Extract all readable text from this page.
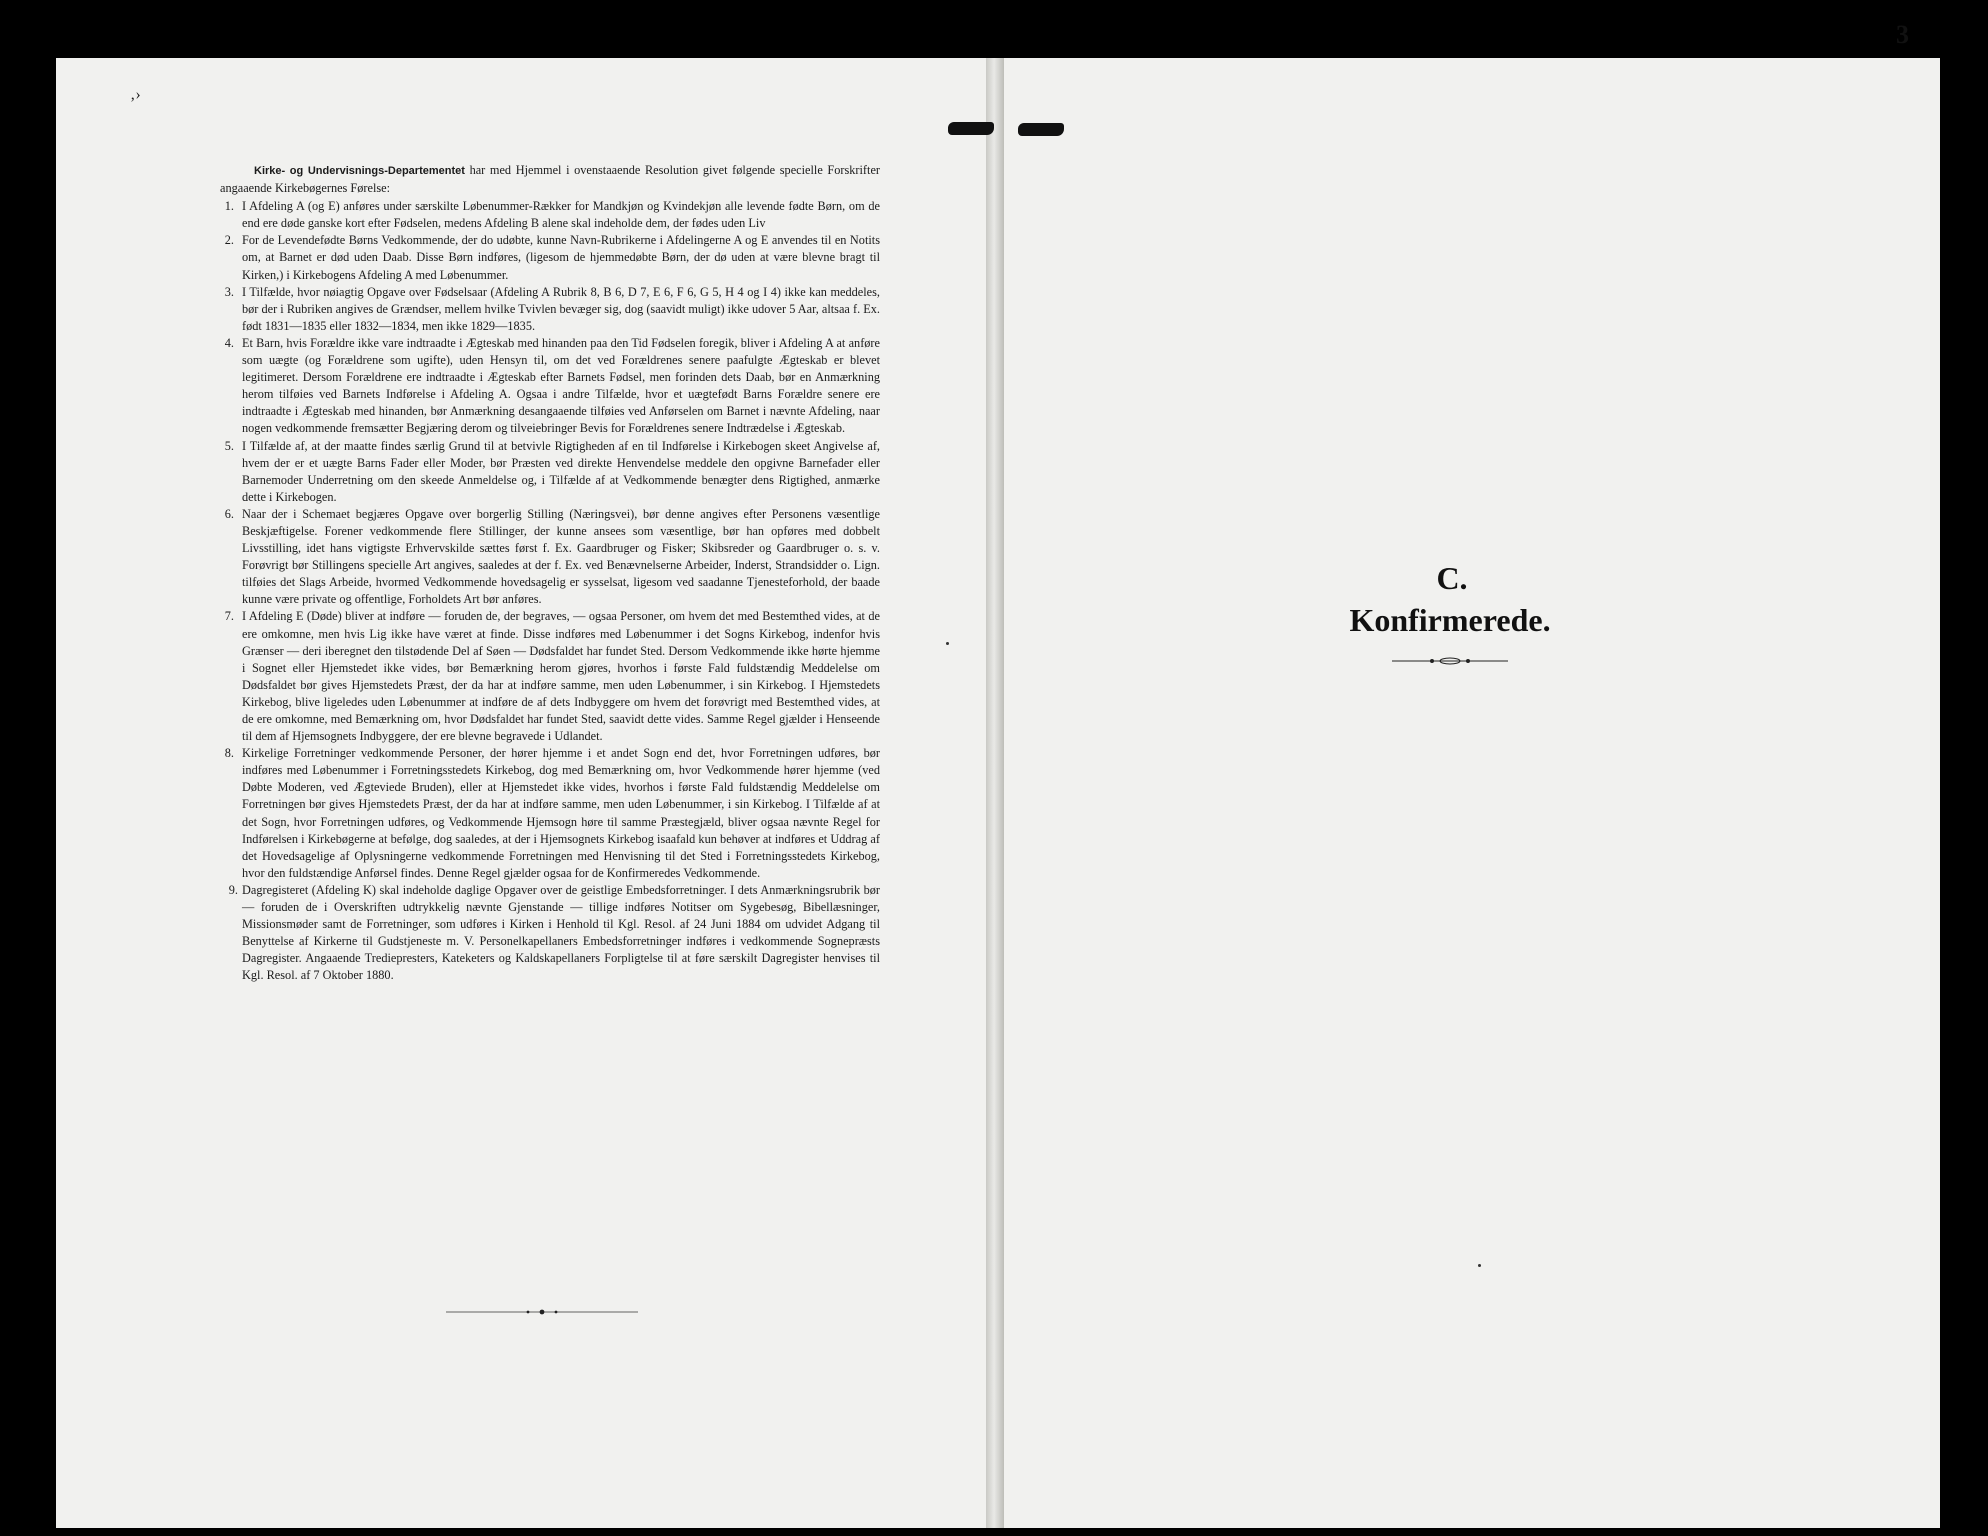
‚›

Kirke- og Undervisnings-Departementet har med Hjemmel i ovenstaaende Resolution givet følgende specielle Forskrifter angaaende Kirkebøgernes Førelse:

1. I Afdeling A (og E) anføres under særskilte Løbenummer-Rækker for Mandkjøn og Kvindekjøn alle levende fødte Børn, om de end ere døde ganske kort efter Fødselen, medens Afdeling B alene skal indeholde dem, der fødes uden Liv

2. For de Levendefødte Børns Vedkommende, der do udøbte, kunne Navn-Rubrikerne i Afdelingerne A og E anvendes til en Notits om, at Barnet er død uden Daab. Disse Børn indføres, (ligesom de hjemmedøbte Børn, der dø uden at være blevne bragt til Kirken,) i Kirkebogens Afdeling A med Løbenummer.

3. I Tilfælde, hvor nøiagtig Opgave over Fødselsaar (Afdeling A Rubrik 8, B 6, D 7, E 6, F 6, G 5, H 4 og I 4) ikke kan meddeles, bør der i Rubriken angives de Grændser, mellem hvilke Tvivlen bevæger sig, dog (saavidt muligt) ikke udover 5 Aar, altsaa f. Ex. født 1831—1835 eller 1832—1834, men ikke 1829—1835.

4. Et Barn, hvis Forældre ikke vare indtraadte i Ægteskab med hinanden paa den Tid Fødselen foregik, bliver i Afdeling A at anføre som uægte (og Forældrene som ugifte), uden Hensyn til, om det ved Forældrenes senere paafulgte Ægteskab er blevet legitimeret. Dersom Forældrene ere indtraadte i Ægteskab efter Barnets Fødsel, men forinden dets Daab, bør en Anmærkning herom tilføies ved Barnets Indførelse i Afdeling A. Ogsaa i andre Tilfælde, hvor et uægtefødt Barns Forældre senere ere indtraadte i Ægteskab med hinanden, bør Anmærkning desangaaende tilføies ved Anførselen om Barnet i nævnte Afdeling, naar nogen vedkommende fremsætter Begjæring derom og tilveiebringer Bevis for Forældrenes senere Indtrædelse i Ægteskab.

5. I Tilfælde af, at der maatte findes særlig Grund til at betvivle Rigtigheden af en til Indførelse i Kirkebogen skeet Angivelse af, hvem der er et uægte Barns Fader eller Moder, bør Præsten ved direkte Henvendelse meddele den opgivne Barnefader eller Barnemoder Underretning om den skeede Anmeldelse og, i Tilfælde af at Vedkommende benægter dens Rigtighed, anmærke dette i Kirkebogen.

6. Naar der i Schemaet begjæres Opgave over borgerlig Stilling (Næringsvei), bør denne angives efter Personens væsentlige Beskjæftigelse. Forener vedkommende flere Stillinger, der kunne ansees som væsentlige, bør han opføres med dobbelt Livsstilling, idet hans vigtigste Erhvervskilde sættes først f. Ex. Gaardbruger og Fisker; Skibsreder og Gaardbruger o. s. v. Forøvrigt bør Stillingens specielle Art angives, saaledes at der f. Ex. ved Benævnelserne Arbeider, Inderst, Strandsidder o. Lign. tilføies det Slags Arbeide, hvormed Vedkommende hovedsagelig er sysselsat, ligesom ved saadanne Tjenesteforhold, der baade kunne være private og offentlige, Forholdets Art bør anføres.

7. I Afdeling E (Døde) bliver at indføre — foruden de, der begraves, — ogsaa Personer, om hvem det med Bestemthed vides, at de ere omkomne, men hvis Lig ikke have været at finde. Disse indføres med Løbenummer i det Sogns Kirkebog, indenfor hvis Grænser — deri iberegnet den tilstødende Del af Søen — Dødsfaldet har fundet Sted. Dersom Vedkommende ikke hørte hjemme i Sognet eller Hjemstedet ikke vides, bør Bemærkning herom gjøres, hvorhos i første Fald fuldstændig Meddelelse om Dødsfaldet bør gives Hjemstedets Præst, der da har at indføre samme, men uden Løbenummer, i sin Kirkebog. I Hjemstedets Kirkebog, blive ligeledes uden Løbenummer at indføre de af dets Indbyggere om hvem det forøvrigt med Bestemthed vides, at de ere omkomne, med Bemærkning om, hvor Dødsfaldet har fundet Sted, saavidt dette vides. Samme Regel gjælder i Henseende til dem af Hjemsognets Indbyggere, der ere blevne begravede i Udlandet.

8. Kirkelige Forretninger vedkommende Personer, der hører hjemme i et andet Sogn end det, hvor Forretningen udføres, bør indføres med Løbenummer i Forretningsstedets Kirkebog, dog med Bemærkning om, hvor Vedkommende hører hjemme (ved Døbte Moderen, ved Ægteviede Bruden), eller at Hjemstedet ikke vides, hvorhos i første Fald fuldstændig Meddelelse om Forretningen bør gives Hjemstedets Præst, der da har at indføre samme, men uden Løbenummer, i sin Kirkebog. I Tilfælde af at det Sogn, hvor Forretningen udføres, og Vedkommende Hjemsogn høre til samme Præstegjæld, bliver ogsaa nævnte Regel for Indførelsen i Kirkebøgerne at befølge, dog saaledes, at der i Hjemsognets Kirkebog isaafald kun behøver at indføres et Uddrag af det Hovedsagelige af Oplysningerne vedkommende Forretningen med Henvisning til det Sted i Forretningsstedets Kirkebog, hvor den fuldstændige Anførsel findes. Denne Regel gjælder ogsaa for de Konfirmeredes Vedkommende.

9. Dagregisteret (Afdeling K) skal indeholde daglige Opgaver over de geistlige Embedsforretninger. I dets Anmærkningsrubrik bør — foruden de i Overskriften udtrykkelig nævnte Gjenstande — tillige indføres Notitser om Sygebesøg, Bibellæsninger, Missionsmøder samt de Forretninger, som udføres i Kirken i Henhold til Kgl. Resol. af 24 Juni 1884 om udvidet Adgang til Benyttelse af Kirkerne til Gudstjeneste m. V. Personelkapellaners Embedsforretninger indføres i vedkommende Sognepræsts Dagregister. Angaaende Trediepresters, Kateketers og Kaldskapellaners Forpligtelse til at føre særskilt Dagregister henvises til Kgl. Resol. af 7 Oktober 1880.

3
C.
Konfirmerede.
